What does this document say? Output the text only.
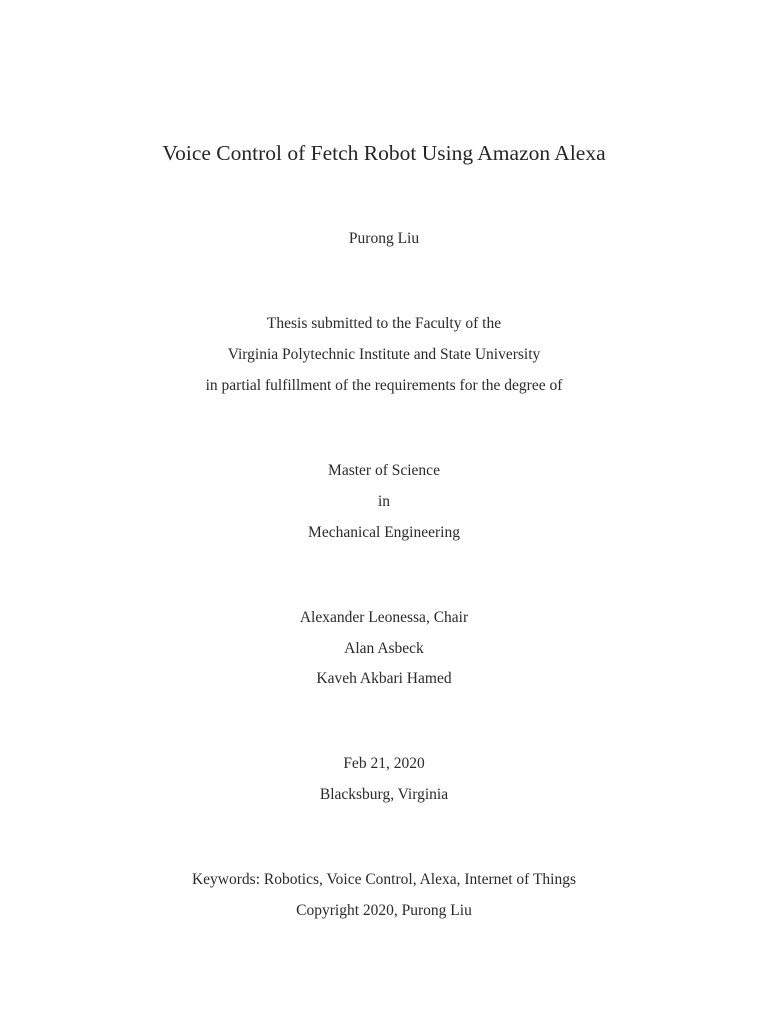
Voice Control of Fetch Robot Using Amazon Alexa
Purong Liu
Thesis submitted to the Faculty of the
Virginia Polytechnic Institute and State University
in partial fulfillment of the requirements for the degree of
Master of Science
in
Mechanical Engineering
Alexander Leonessa, Chair
Alan Asbeck
Kaveh Akbari Hamed
Feb 21, 2020
Blacksburg, Virginia
Keywords: Robotics, Voice Control, Alexa, Internet of Things
Copyright 2020, Purong Liu
